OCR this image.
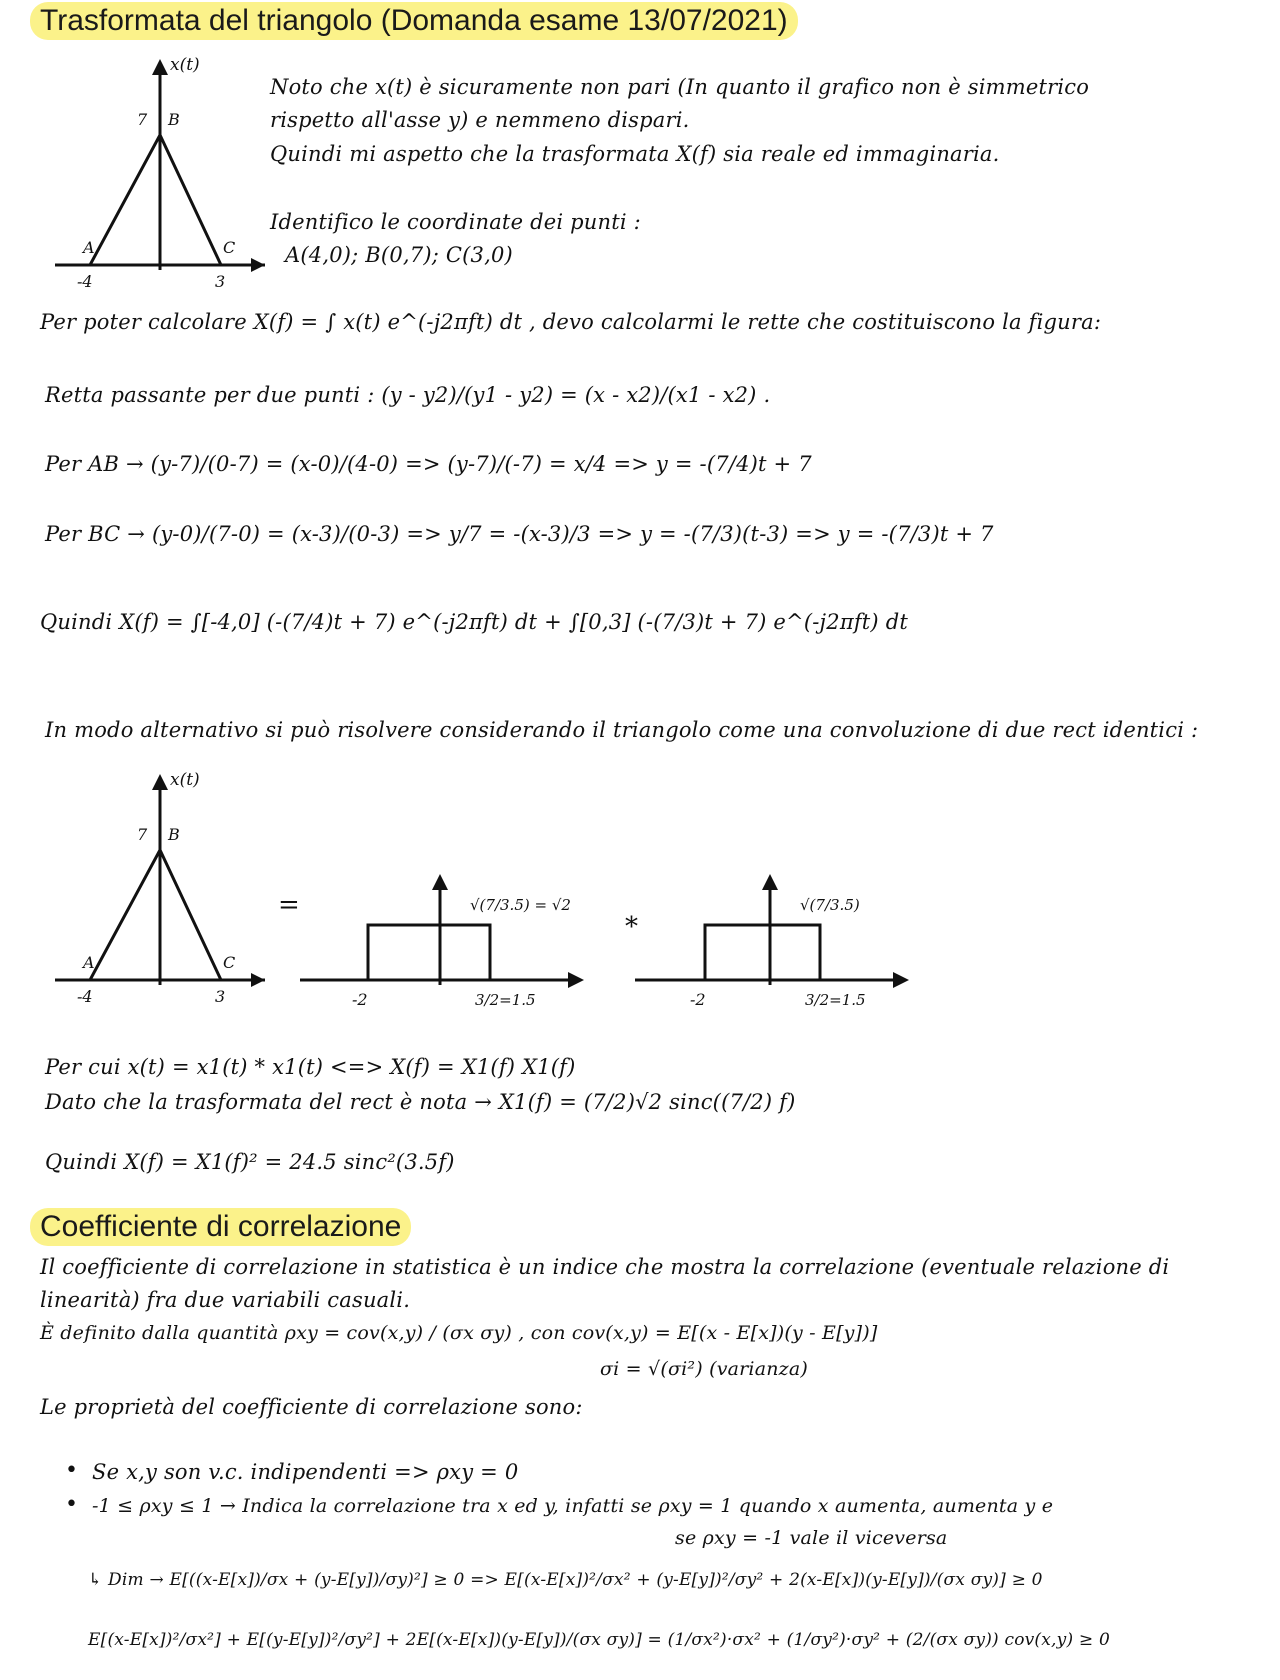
Trasformata del triangolo (Domanda esame 13/07/2021)
x(t)
7 B
A	C
-4	3
Noto che x(t) è sicuramente non pari (In quanto il grafico non è simmetrico
rispetto all'asse y) e nemmeno dispari.
Quindi mi aspetto che la trasformata X(f) sia reale ed immaginaria.
Identifico le coordinate dei punti :
A(4,0); B(0,7); C(3,0)
Per poter calcolare X(f) = ∫ x(t) e^(-j2πft) dt , devo calcolarmi le rette che costituiscono la figura:
Retta passante per due punti : (y - y2)/(y1 - y2) = (x - x2)/(x1 - x2) .
Per AB → (y-7)/(0-7) = (x-0)/(4-0) => (y-7)/(-7) = x/4 => y = -(7/4)t + 7
Per BC → (y-0)/(7-0) = (x-3)/(0-3) => y/7 = -(x-3)/3 => y = -(7/3)(t-3) => y = -(7/3)t + 7
Quindi X(f) = ∫[-4,0] (-(7/4)t + 7) e^(-j2πft) dt + ∫[0,3] (-(7/3)t + 7) e^(-j2πft) dt
In modo alternativo si può risolvere considerando il triangolo come una convoluzione di due rect identici :
x(t)
7 B
A	C
-4	3
=	√(7/3.5) = √2
-2	3/2=1.5
*
√(7/3.5)
-2	3/2=1.5
Per cui x(t) = x1(t) * x1(t) <=> X(f) = X1(f) X1(f)
Dato che la trasformata del rect è nota → X1(f) = (7/2)√2 sinc((7/2) f)
Quindi X(f) = X1(f)² = 24.5 sinc²(3.5f)
Coefficiente di correlazione
Il coefficiente di correlazione in statistica è un indice che mostra la correlazione (eventuale relazione di
linearità) fra due variabili casuali.
È definito dalla quantità ρxy = cov(x,y) / (σx σy) , con cov(x,y) = E[(x - E[x])(y - E[y])]
σi = √(σi²) (varianza)
Le proprietà del coefficiente di correlazione sono:
• Se x,y son v.c. indipendenti => ρxy = 0
• -1 ≤ ρxy ≤ 1 → Indica la correlazione tra x ed y, infatti se ρxy = 1 quando x aumenta, aumenta y e
se ρxy = -1 vale il viceversa
↳ Dim → E[((x-E[x])/σx + (y-E[y])/σy)²] ≥ 0 => E[(x-E[x])²/σx² + (y-E[y])²/σy² + 2(x-E[x])(y-E[y])/(σx σy)] ≥ 0
E[(x-E[x])²/σx²] + E[(y-E[y])²/σy²] + 2E[(x-E[x])(y-E[y])/(σx σy)] = (1/σx²)·σx² + (1/σy²)·σy² + (2/(σx σy)) cov(x,y) ≥ 0
